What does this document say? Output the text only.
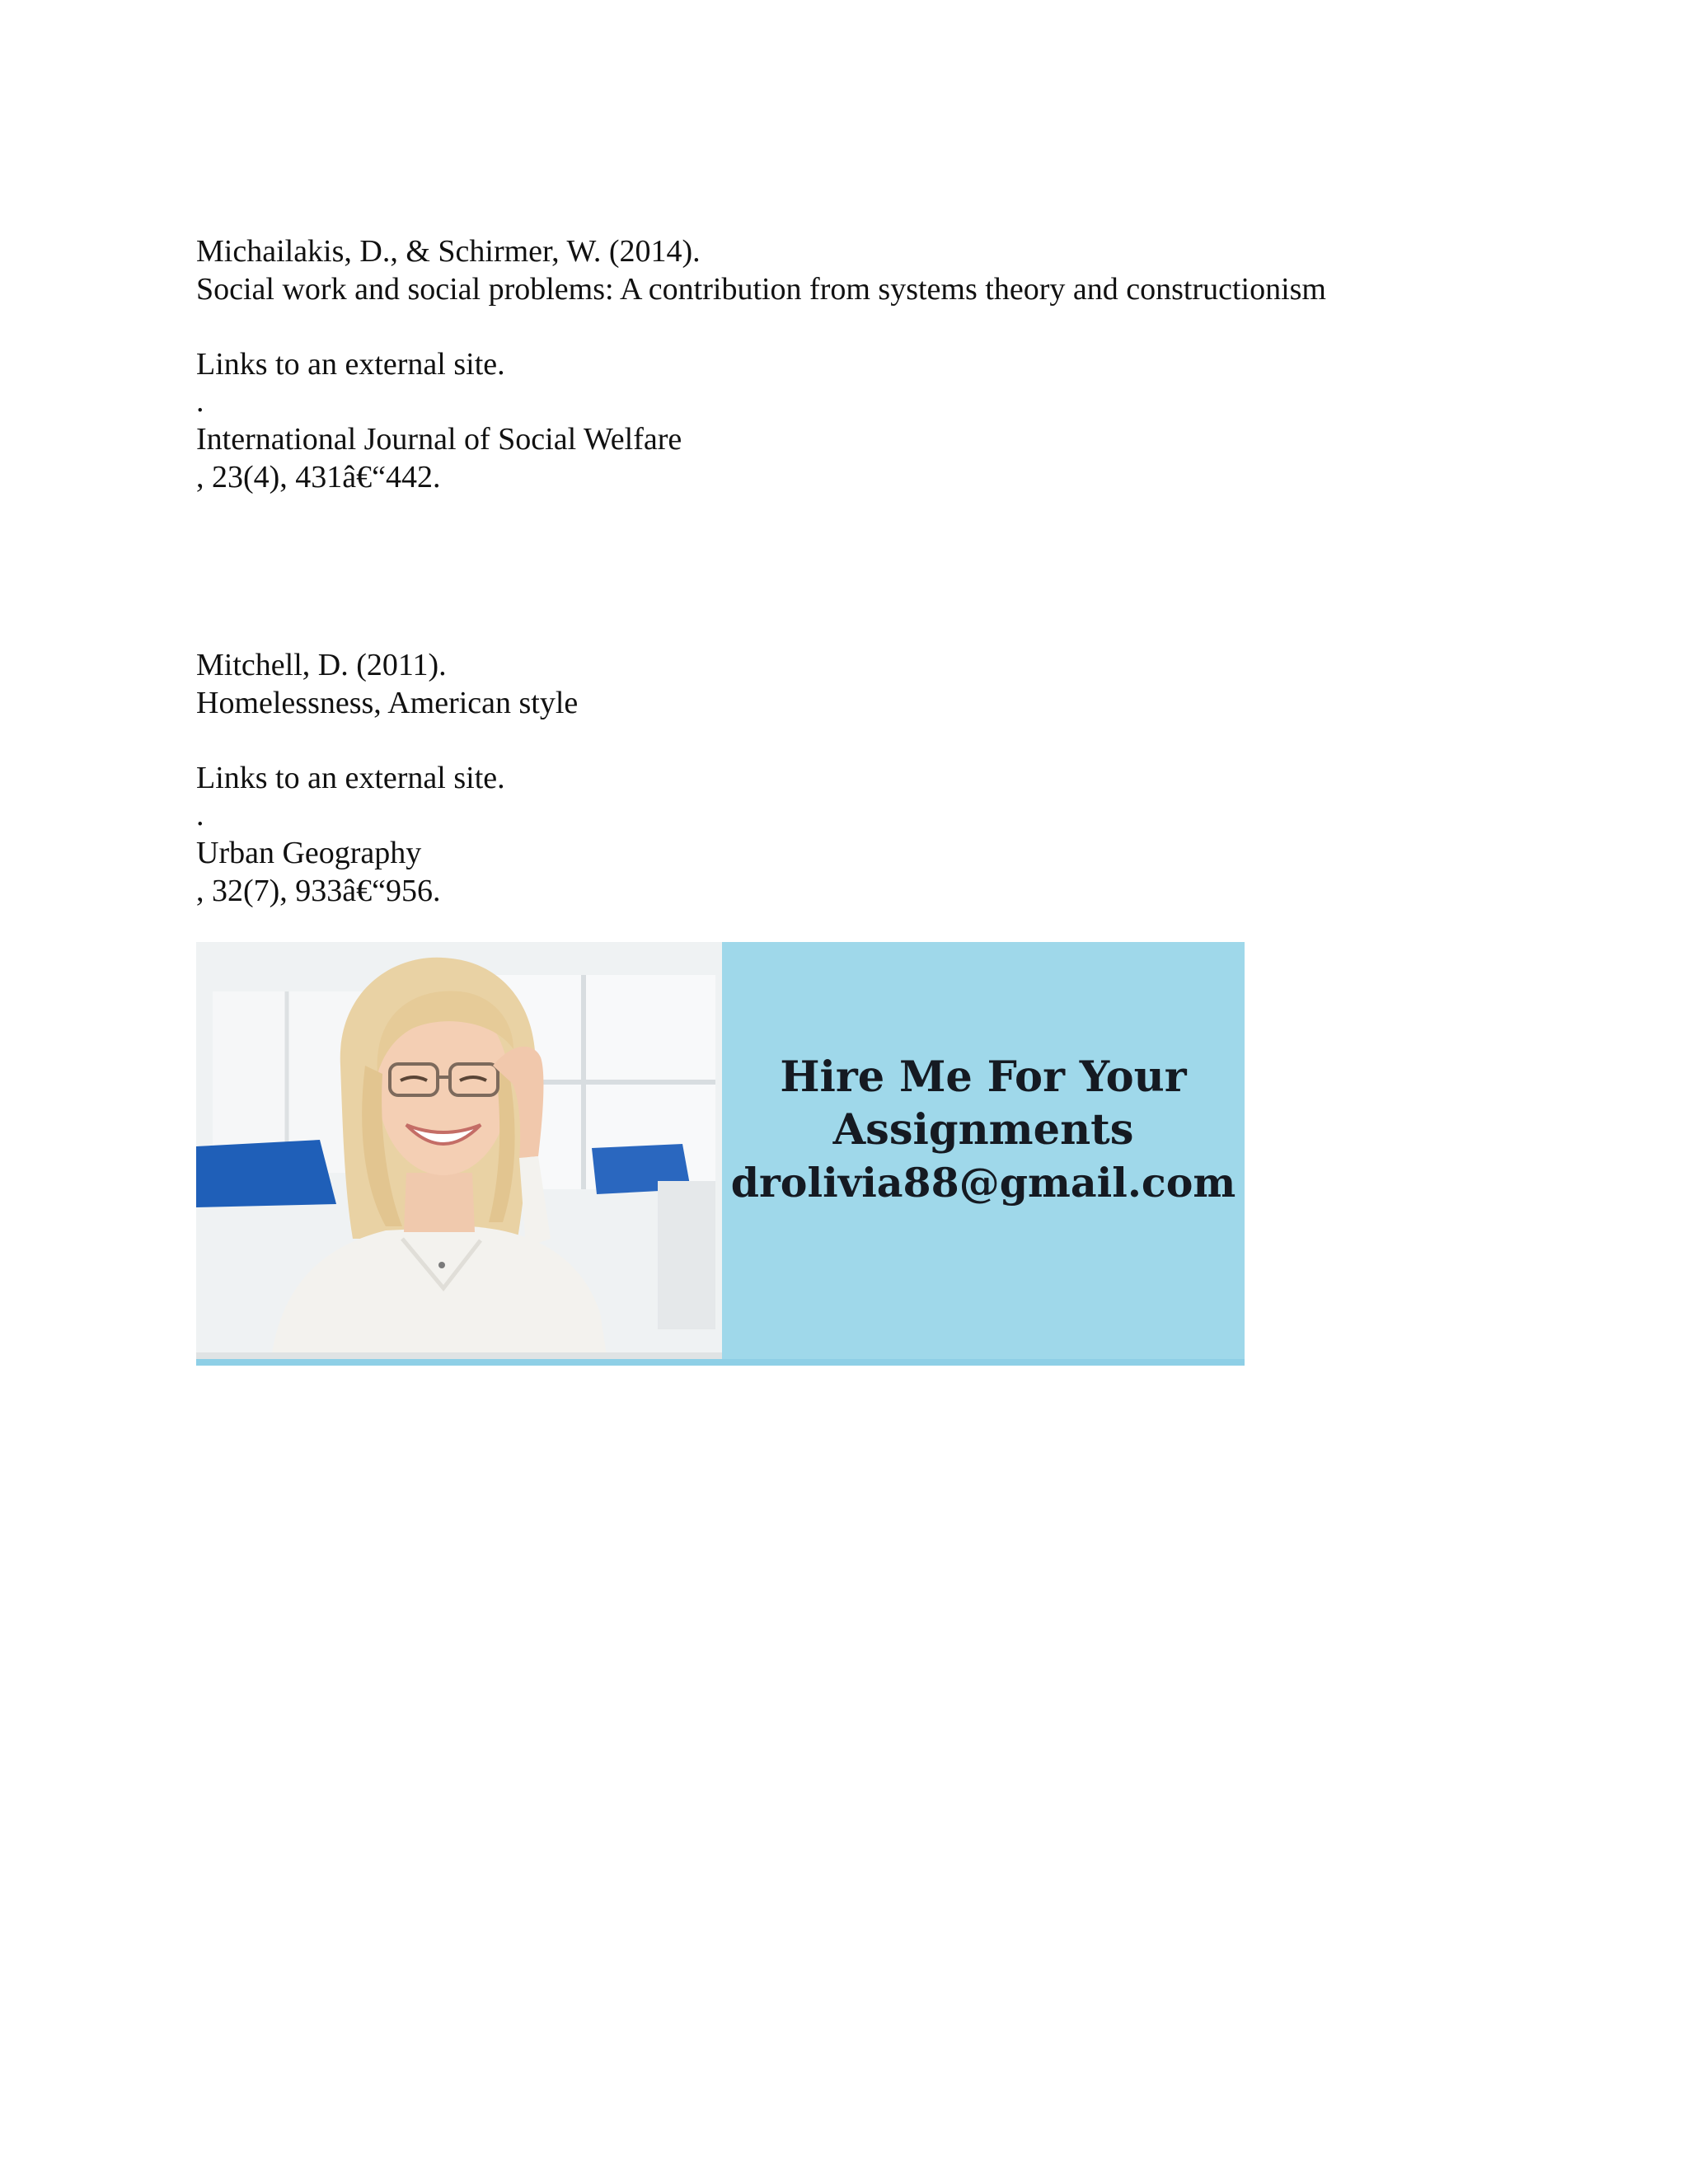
Michailakis, D., & Schirmer, W. (2014).
Social work and social problems: A contribution from systems theory and constructionism
Links to an external site.
.
International Journal of Social Welfare
, 23(4), 431â€“442.
Mitchell, D. (2011).
Homelessness, American style
Links to an external site.
.
Urban Geography
, 32(7), 933â€“956.
Hire Me For Your
Assignments
drolivia88@gmail.com
